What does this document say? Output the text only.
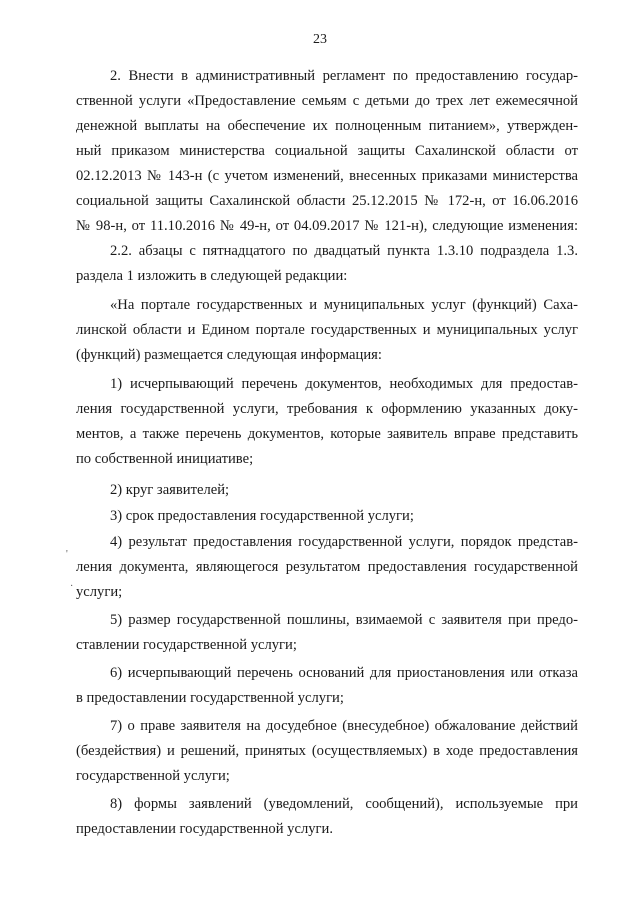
23
'
·
2. Внести в административный регламент по предоставлению государ-
ственной услуги «Предоставление семьям с детьми до трех лет ежемесячной
денежной выплаты на обеспечение их полноценным питанием», утвержден-
ный приказом министерства социальной защиты Сахалинской области от
02.12.2013 № 143-н (с учетом изменений, внесенных приказами министерства
социальной защиты Сахалинской области 25.12.2015 № 172-н, от 16.06.2016
№ 98-н, от 11.10.2016 № 49-н, от 04.09.2017 № 121-н), следующие изменения:
2.2. абзацы с пятнадцатого по двадцатый пункта 1.3.10 подраздела 1.3.
раздела 1 изложить в следующей редакции:
«На портале государственных и муниципальных услуг (функций) Саха-
линской области и Едином портале государственных и муниципальных услуг
(функций) размещается следующая информация:
1) исчерпывающий перечень документов, необходимых для предостав-
ления государственной услуги, требования к оформлению указанных доку-
ментов, а также перечень документов, которые заявитель вправе представить
по собственной инициативе;
2) круг заявителей;
3) срок предоставления государственной услуги;
4) результат предоставления государственной услуги, порядок представ-
ления документа, являющегося результатом предоставления государственной
услуги;
5) размер государственной пошлины, взимаемой с заявителя при предо-
ставлении государственной услуги;
6) исчерпывающий перечень оснований для приостановления или отказа
в предоставлении государственной услуги;
7) о праве заявителя на досудебное (внесудебное) обжалование действий
(бездействия) и решений, принятых (осуществляемых) в ходе предоставления
государственной услуги;
8) формы заявлений (уведомлений, сообщений), используемые при
предоставлении государственной услуги.
